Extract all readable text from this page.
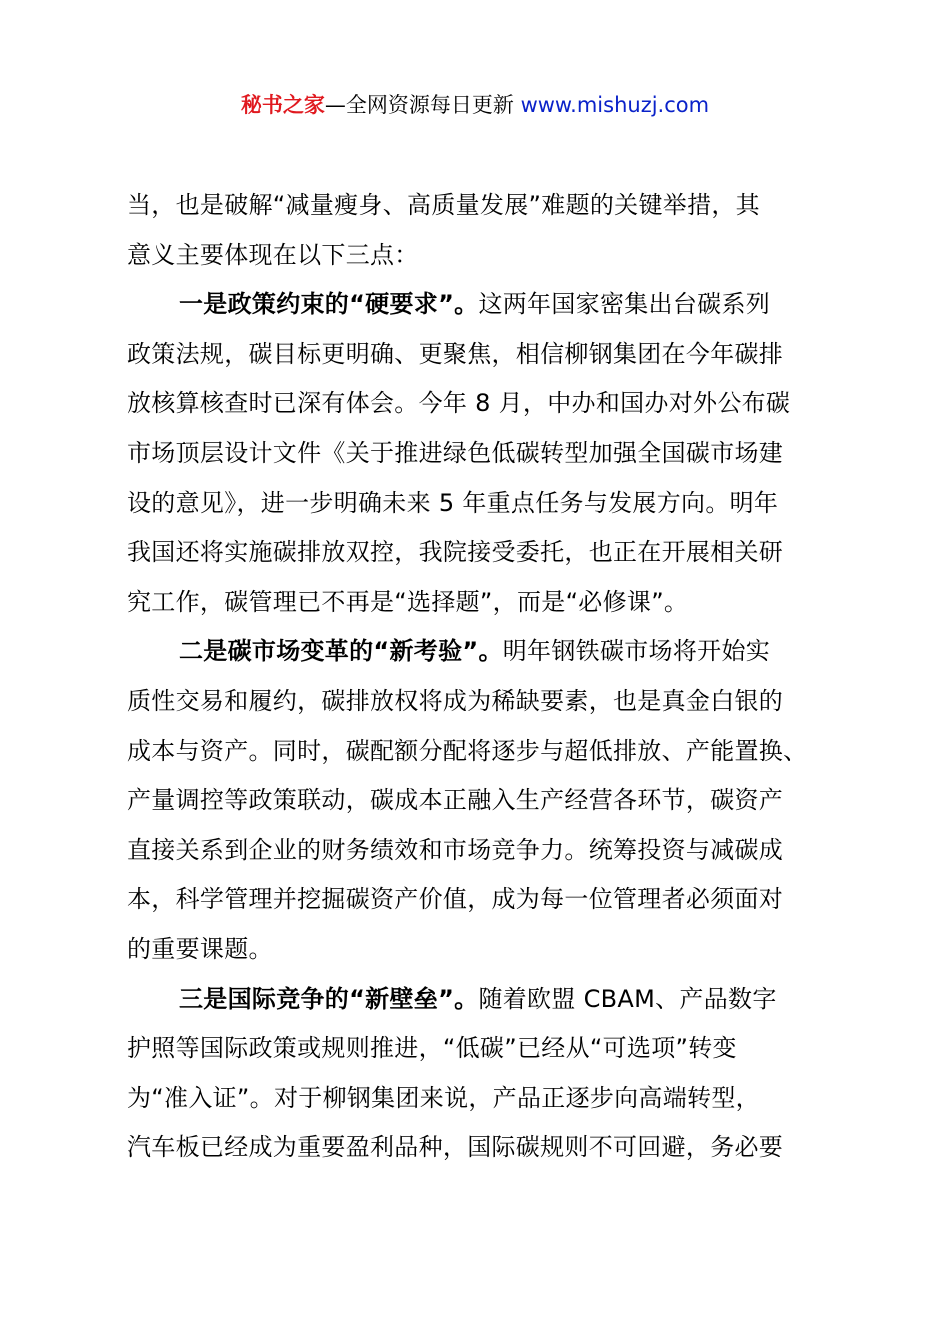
秘书之家—全网资源每日更新 www.mishuzj.com
当，也是破解“减量瘦身、高质量发展”难题的关键举措，其
意义主要体现在以下三点：
一是政策约束的“硬要求”。这两年国家密集出台碳系列
政策法规，碳目标更明确、更聚焦，相信柳钢集团在今年碳排
放核算核查时已深有体会。今年 8 月，中办和国办对外公布碳
市场顶层设计文件《关于推进绿色低碳转型加强全国碳市场建
设的意见》，进一步明确未来 5 年重点任务与发展方向。明年
我国还将实施碳排放双控，我院接受委托，也正在开展相关研
究工作，碳管理已不再是“选择题”，而是“必修课”。
二是碳市场变革的“新考验”。明年钢铁碳市场将开始实
质性交易和履约，碳排放权将成为稀缺要素，也是真金白银的
成本与资产。同时，碳配额分配将逐步与超低排放、产能置换、
产量调控等政策联动，碳成本正融入生产经营各环节，碳资产
直接关系到企业的财务绩效和市场竞争力。统筹投资与减碳成
本，科学管理并挖掘碳资产价值，成为每一位管理者必须面对
的重要课题。
三是国际竞争的“新壁垒”。随着欧盟 CBAM、产品数字
护照等国际政策或规则推进，“低碳”已经从“可选项”转变
为“准入证”。对于柳钢集团来说，产品正逐步向高端转型，
汽车板已经成为重要盈利品种，国际碳规则不可回避，务必要
